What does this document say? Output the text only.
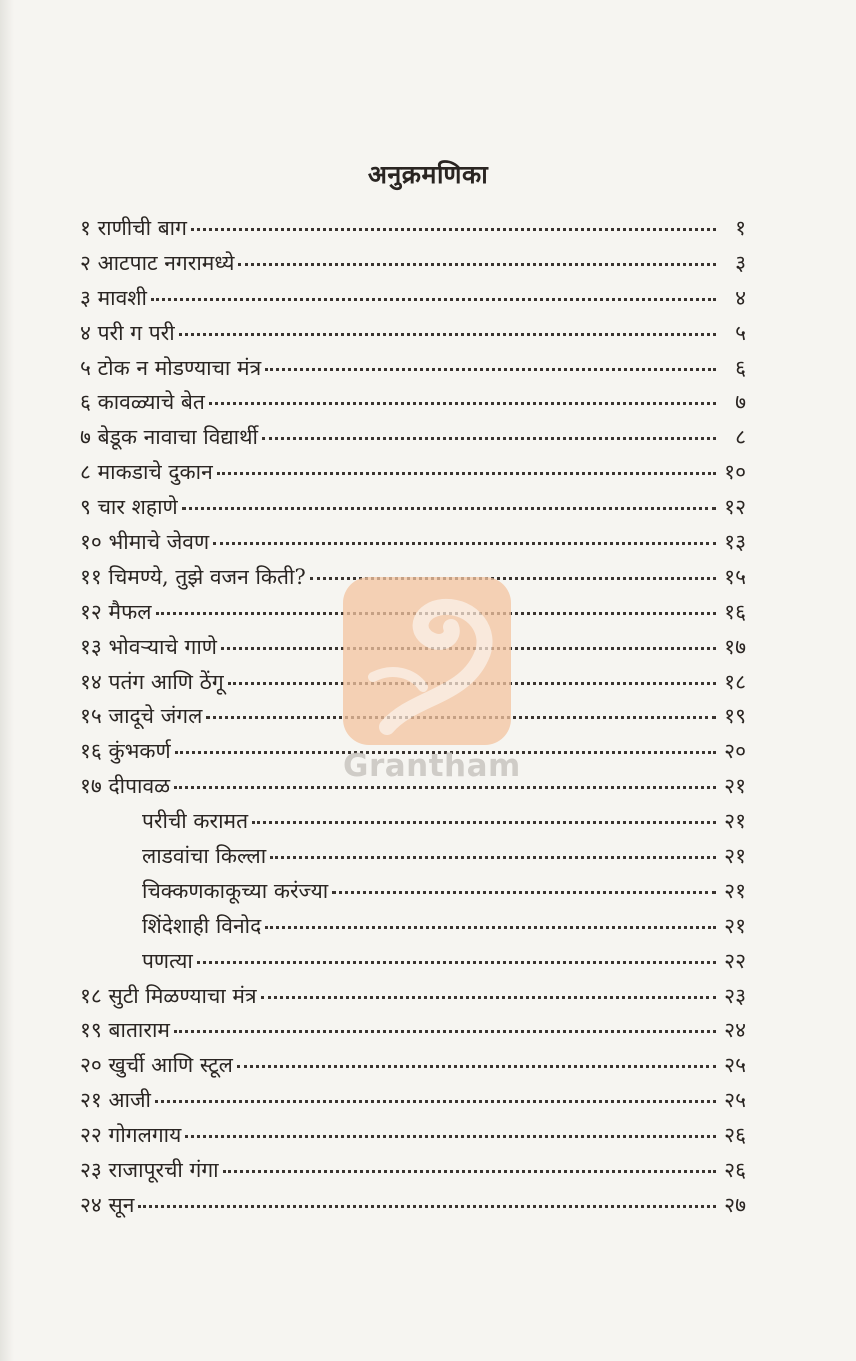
अनुक्रमणिका
१ राणीची बाग	१
२ आटपाट नगरामध्ये	३
३ मावशी	४
४ परी ग परी	५
५ टोक न मोडण्याचा मंत्र	६
६ कावळ्याचे बेत	७
७ बेडूक नावाचा विद्यार्थी	८
८ माकडाचे दुकान	१०
९ चार शहाणे	१२
१० भीमाचे जेवण	१३
११ चिमण्ये, तुझे वजन किती?	१५
१२ मैफल	१६
१३ भोवऱ्याचे गाणे	१७
१४ पतंग आणि ठेंगू	१८
१५ जादूचे जंगल	१९
१६ कुंभकर्ण	२०
१७ दीपावळ	२१
परीची करामत	२१
लाडवांचा किल्ला	२१
चिक्कणकाकूच्या करंज्या	२१
शिंदेशाही विनोद	२१
पणत्या	२२
१८ सुटी मिळण्याचा मंत्र	२३
१९ बाताराम	२४
२० खुर्ची आणि स्टूल	२५
२१ आजी	२५
२२ गोगलगाय	२६
२३ राजापूरची गंगा	२६
२४ सून	२७
Grantham
